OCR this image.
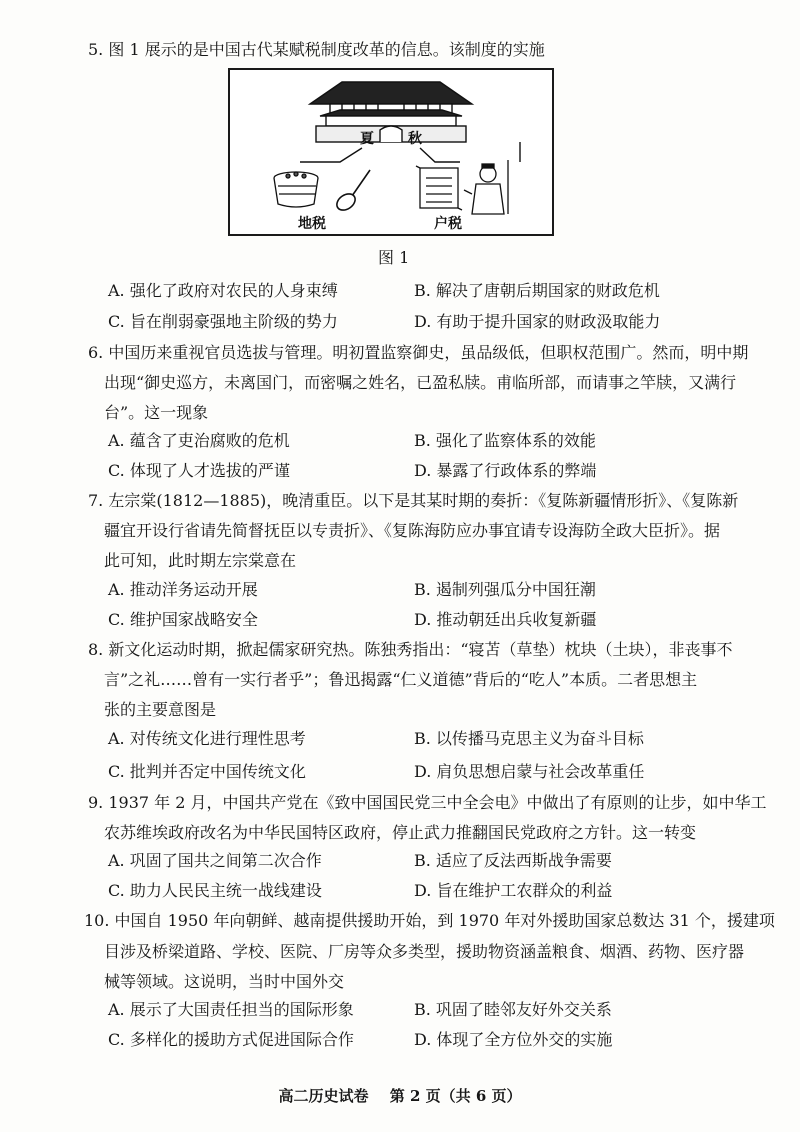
5. 图 1 展示的是中国古代某赋税制度改革的信息。该制度的实施
夏 秋
地税	户税
图 1
A. 强化了政府对农民的人身束缚	B. 解决了唐朝后期国家的财政危机
C. 旨在削弱豪强地主阶级的势力	D. 有助于提升国家的财政汲取能力
6. 中国历来重视官员选拔与管理。明初置监察御史，虽品级低，但职权范围广。然而，明中期
出现“御史巡方，未离国门，而密嘱之姓名，已盈私牍。甫临所部，而请事之竿牍，又满行
台”。这一现象
A. 蕴含了吏治腐败的危机	B. 强化了监察体系的效能
C. 体现了人才选拔的严谨	D. 暴露了行政体系的弊端
7. 左宗棠(1812—1885)，晚清重臣。以下是其某时期的奏折：《复陈新疆情形折》、《复陈新
疆宜开设行省请先简督抚臣以专责折》、《复陈海防应办事宜请专设海防全政大臣折》。据
此可知，此时期左宗棠意在
A. 推动洋务运动开展	B. 遏制列强瓜分中国狂潮
C. 维护国家战略安全	D. 推动朝廷出兵收复新疆
8. 新文化运动时期，掀起儒家研究热。陈独秀指出：“寝苫（草垫）枕块（土块），非丧事不
言”之礼……曾有一实行者乎”；鲁迅揭露“仁义道德”背后的“吃人”本质。二者思想主
张的主要意图是
A. 对传统文化进行理性思考	B. 以传播马克思主义为奋斗目标
C. 批判并否定中国传统文化	D. 肩负思想启蒙与社会改革重任
9. 1937 年 2 月，中国共产党在《致中国国民党三中全会电》中做出了有原则的让步，如中华工
农苏维埃政府改名为中华民国特区政府，停止武力推翻国民党政府之方针。这一转变
A. 巩固了国共之间第二次合作	B. 适应了反法西斯战争需要
C. 助力人民民主统一战线建设	D. 旨在维护工农群众的利益
10. 中国自 1950 年向朝鲜、越南提供援助开始，到 1970 年对外援助国家总数达 31 个，援建项
目涉及桥梁道路、学校、医院、厂房等众多类型，援助物资涵盖粮食、烟酒、药物、医疗器
械等领域。这说明，当时中国外交
A. 展示了大国责任担当的国际形象	B. 巩固了睦邻友好外交关系
C. 多样化的援助方式促进国际合作	D. 体现了全方位外交的实施
高二历史试卷 第 2 页（共 6 页）
